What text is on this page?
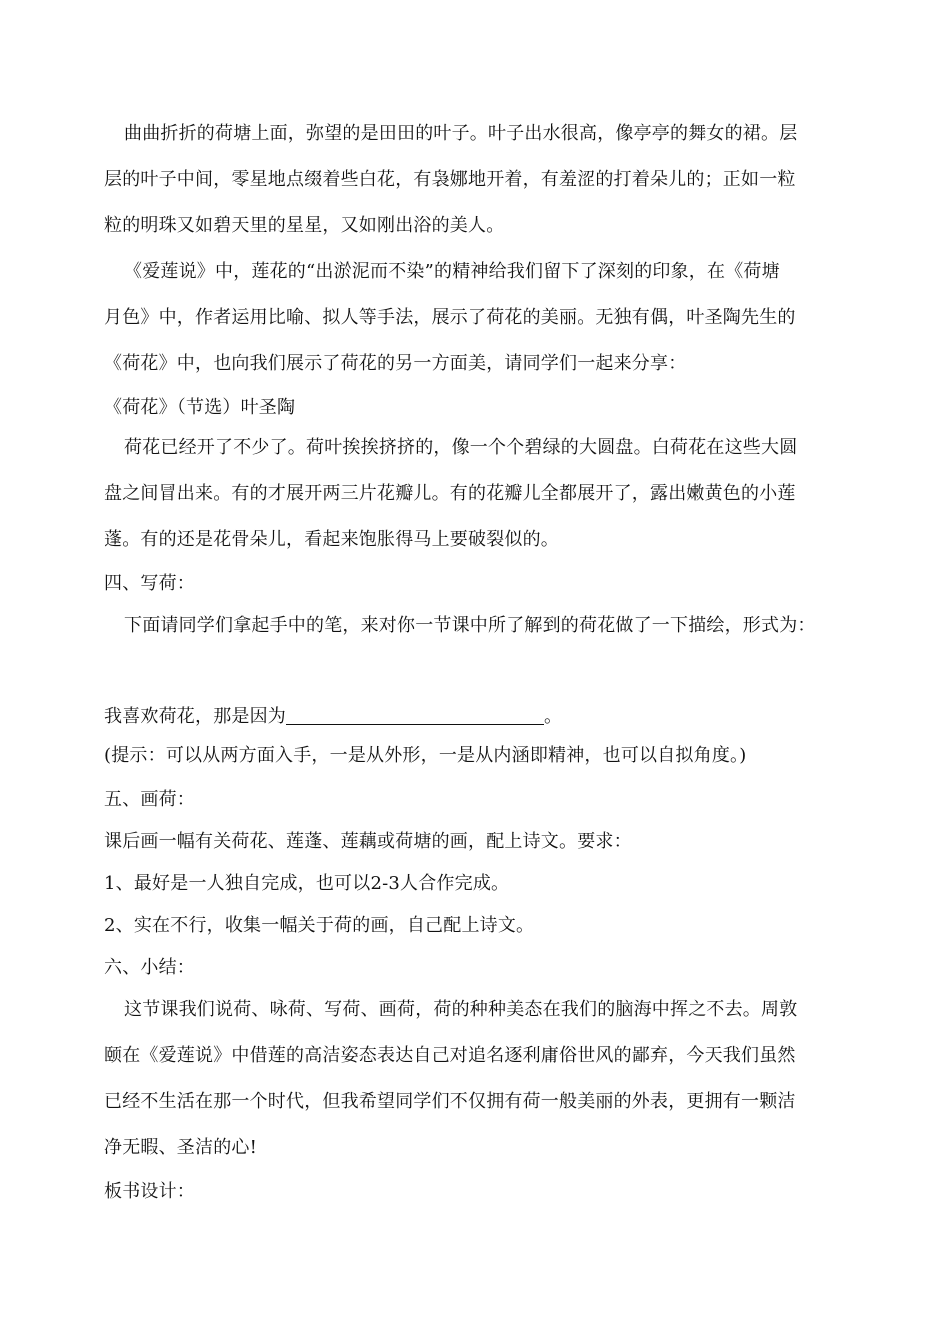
曲曲折折的荷塘上面，弥望的是田田的叶子。叶子出水很高，像亭亭的舞女的裙。层
层的叶子中间，零星地点缀着些白花，有袅娜地开着，有羞涩的打着朵儿的；正如一粒
粒的明珠又如碧天里的星星，又如刚出浴的美人。
《爱莲说》中，莲花的“出淤泥而不染”的精神给我们留下了深刻的印象，在《荷塘
月色》中，作者运用比喻、拟人等手法，展示了荷花的美丽。无独有偶，叶圣陶先生的
《荷花》中，也向我们展示了荷花的另一方面美，请同学们一起来分享：
《荷花》（节选）叶圣陶
荷花已经开了不少了。荷叶挨挨挤挤的，像一个个碧绿的大圆盘。白荷花在这些大圆
盘之间冒出来。有的才展开两三片花瓣儿。有的花瓣儿全都展开了，露出嫩黄色的小莲
蓬。有的还是花骨朵儿，看起来饱胀得马上要破裂似的。
四、写荷：
下面请同学们拿起手中的笔，来对你一节课中所了解到的荷花做了一下描绘，形式为：
我喜欢荷花，那是因为	。
(提示：可以从两方面入手，一是从外形，一是从内涵即精神，也可以自拟角度。)
五、画荷：
课后画一幅有关荷花、莲蓬、莲藕或荷塘的画，配上诗文。要求：
1、最好是一人独自完成，也可以2-3人合作完成。
2、实在不行，收集一幅关于荷的画，自己配上诗文。
六、小结：
这节课我们说荷、咏荷、写荷、画荷，荷的种种美态在我们的脑海中挥之不去。周敦
颐在《爱莲说》中借莲的高洁姿态表达自己对追名逐利庸俗世风的鄙弃，今天我们虽然
已经不生活在那一个时代，但我希望同学们不仅拥有荷一般美丽的外表，更拥有一颗洁
净无暇、圣洁的心!
板书设计：
